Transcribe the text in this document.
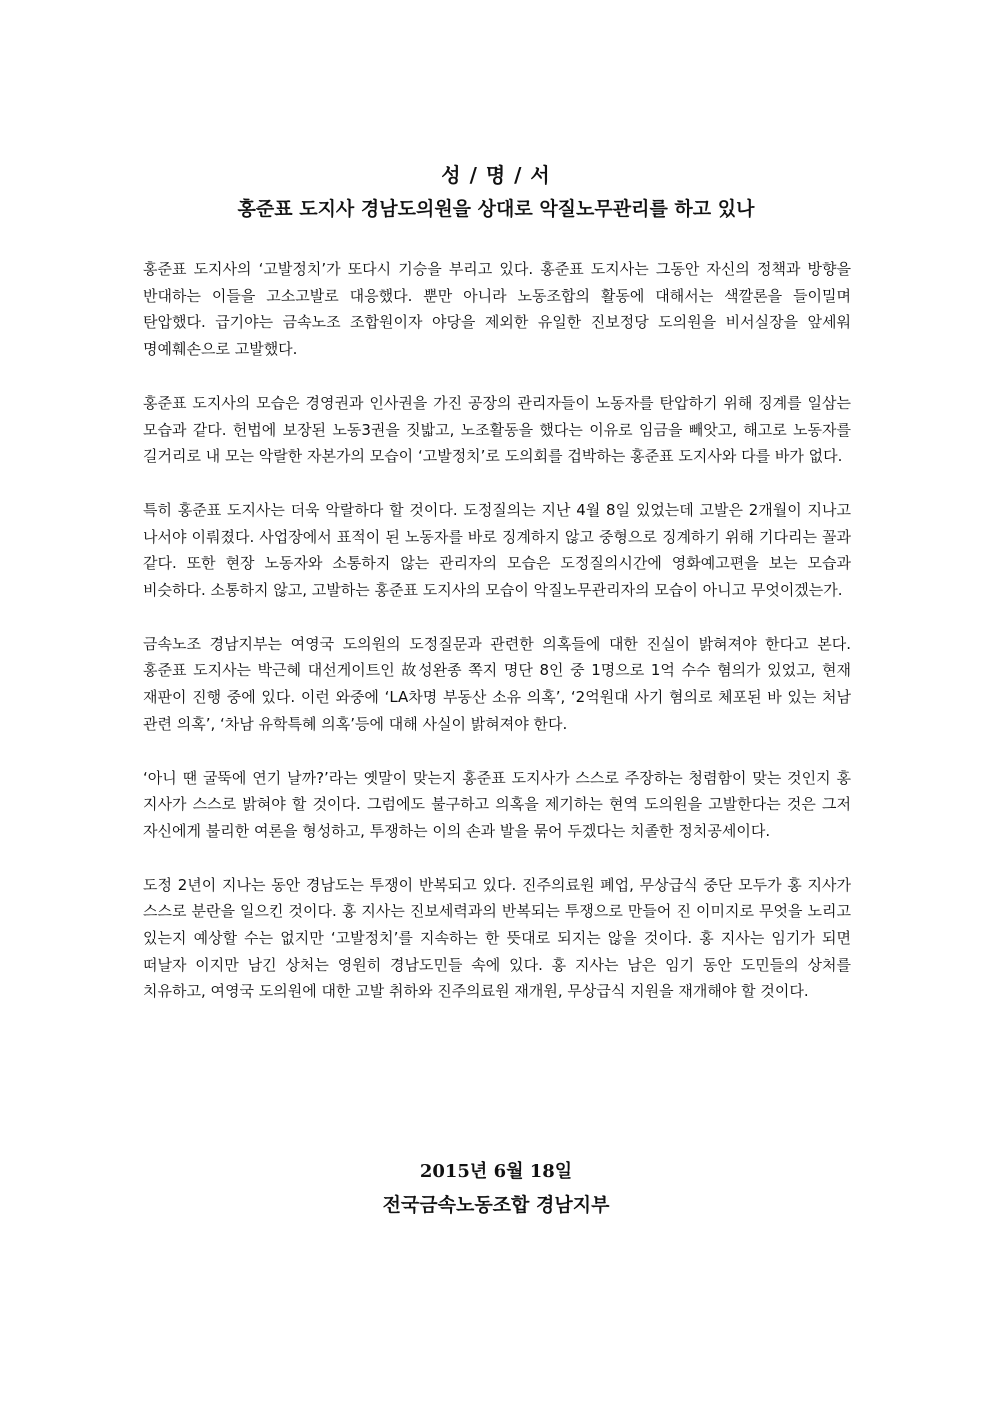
성 / 명 / 서
홍준표 도지사 경남도의원을 상대로 악질노무관리를 하고 있나

홍준표 도지사의 ‘고발정치’가 또다시 기승을 부리고 있다. 홍준표 도지사는 그동안 자신의 정책과 방향을 반대하는 이들을 고소고발로 대응했다. 뿐만 아니라 노동조합의 활동에 대해서는 색깔론을 들이밀며 탄압했다. 급기야는 금속노조 조합원이자 야당을 제외한 유일한 진보정당 도의원을 비서실장을 앞세워 명예훼손으로 고발했다.

홍준표 도지사의 모습은 경영권과 인사권을 가진 공장의 관리자들이 노동자를 탄압하기 위해 징계를 일삼는 모습과 같다. 헌법에 보장된 노동3권을 짓밟고, 노조활동을 했다는 이유로 임금을 빼앗고, 해고로 노동자를 길거리로 내 모는 악랄한 자본가의 모습이 ‘고발정치’로 도의회를 겁박하는 홍준표 도지사와 다를 바가 없다.

특히 홍준표 도지사는 더욱 악랄하다 할 것이다. 도정질의는 지난 4월 8일 있었는데 고발은 2개월이 지나고 나서야 이뤄졌다. 사업장에서 표적이 된 노동자를 바로 징계하지 않고 중형으로 징계하기 위해 기다리는 꼴과 같다. 또한 현장 노동자와 소통하지 않는 관리자의 모습은 도정질의시간에 영화예고편을 보는 모습과 비슷하다. 소통하지 않고, 고발하는 홍준표 도지사의 모습이 악질노무관리자의 모습이 아니고 무엇이겠는가.

금속노조 경남지부는 여영국 도의원의 도정질문과 관련한 의혹들에 대한 진실이 밝혀져야 한다고 본다. 홍준표 도지사는 박근혜 대선게이트인 故성완종 쪽지 명단 8인 중 1명으로 1억 수수 혐의가 있었고, 현재 재판이 진행 중에 있다. 이런 와중에 ‘LA차명 부동산 소유 의혹’, ‘2억원대 사기 혐의로 체포된 바 있는 처남 관련 의혹’, ‘차남 유학특혜 의혹’등에 대해 사실이 밝혀져야 한다.

‘아니 땐 굴뚝에 연기 날까?’라는 옛말이 맞는지 홍준표 도지사가 스스로 주장하는 청렴함이 맞는 것인지 홍 지사가 스스로 밝혀야 할 것이다. 그럼에도 불구하고 의혹을 제기하는 현역 도의원을 고발한다는 것은 그저 자신에게 불리한 여론을 형성하고, 투쟁하는 이의 손과 발을 묶어 두겠다는 치졸한 정치공세이다.

도정 2년이 지나는 동안 경남도는 투쟁이 반복되고 있다. 진주의료원 폐업, 무상급식 중단 모두가 홍 지사가 스스로 분란을 일으킨 것이다. 홍 지사는 진보세력과의 반복되는 투쟁으로 만들어 진 이미지로 무엇을 노리고 있는지 예상할 수는 없지만 ‘고발정치’를 지속하는 한 뜻대로 되지는 않을 것이다. 홍 지사는 임기가 되면 떠날자 이지만 남긴 상처는 영원히 경남도민들 속에 있다. 홍 지사는 남은 임기 동안 도민들의 상처를 치유하고, 여영국 도의원에 대한 고발 취하와 진주의료원 재개원, 무상급식 지원을 재개해야 할 것이다.

2015년 6월 18일
전국금속노동조합 경남지부
